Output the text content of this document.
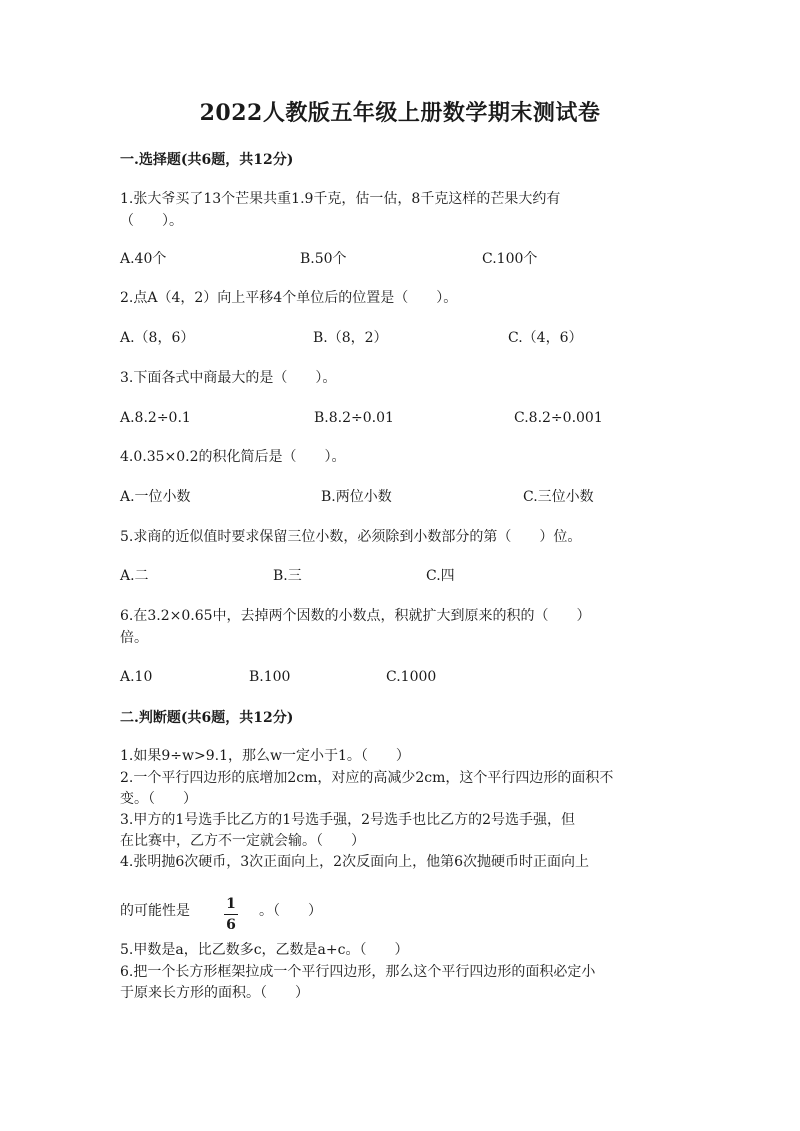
2022人教版五年级上册数学期末测试卷
一.选择题(共6题，共12分)
1.张大爷买了13个芒果共重1.9千克，估一估，8千克这样的芒果大约有
（　　）。
A.40个	B.50个	C.100个
2.点A（4，2）向上平移4个单位后的位置是（　　）。
A.（8，6）	B.（8，2）	C.（4，6）
3.下面各式中商最大的是（　　）。
A.8.2÷0.1	B.8.2÷0.01	C.8.2÷0.001
4.0.35×0.2的积化简后是（　　）。
A.一位小数	B.两位小数	C.三位小数
5.求商的近似值时要求保留三位小数，必须除到小数部分的第（　　）位。
A.二	B.三	C.四
6.在3.2×0.65中，去掉两个因数的小数点，积就扩大到原来的积的（　　）
倍。
A.10	B.100	C.1000
二.判断题(共6题，共12分)
1.如果9÷w>9.1，那么w一定小于1。（　　）
2.一个平行四边形的底增加2cm，对应的高减少2cm，这个平行四边形的面积不
变。（　　）
3.甲方的1号选手比乙方的1号选手强，2号选手也比乙方的2号选手强，但
在比赛中，乙方不一定就会输。（　　）
4.张明抛6次硬币，3次正面向上，2次反面向上，他第6次抛硬币时正面向上
的可能性是	1
6
。（　　）
5.甲数是a，比乙数多c，乙数是a+c。（　　）
6.把一个长方形框架拉成一个平行四边形，那么这个平行四边形的面积必定小
于原来长方形的面积。（　　）
